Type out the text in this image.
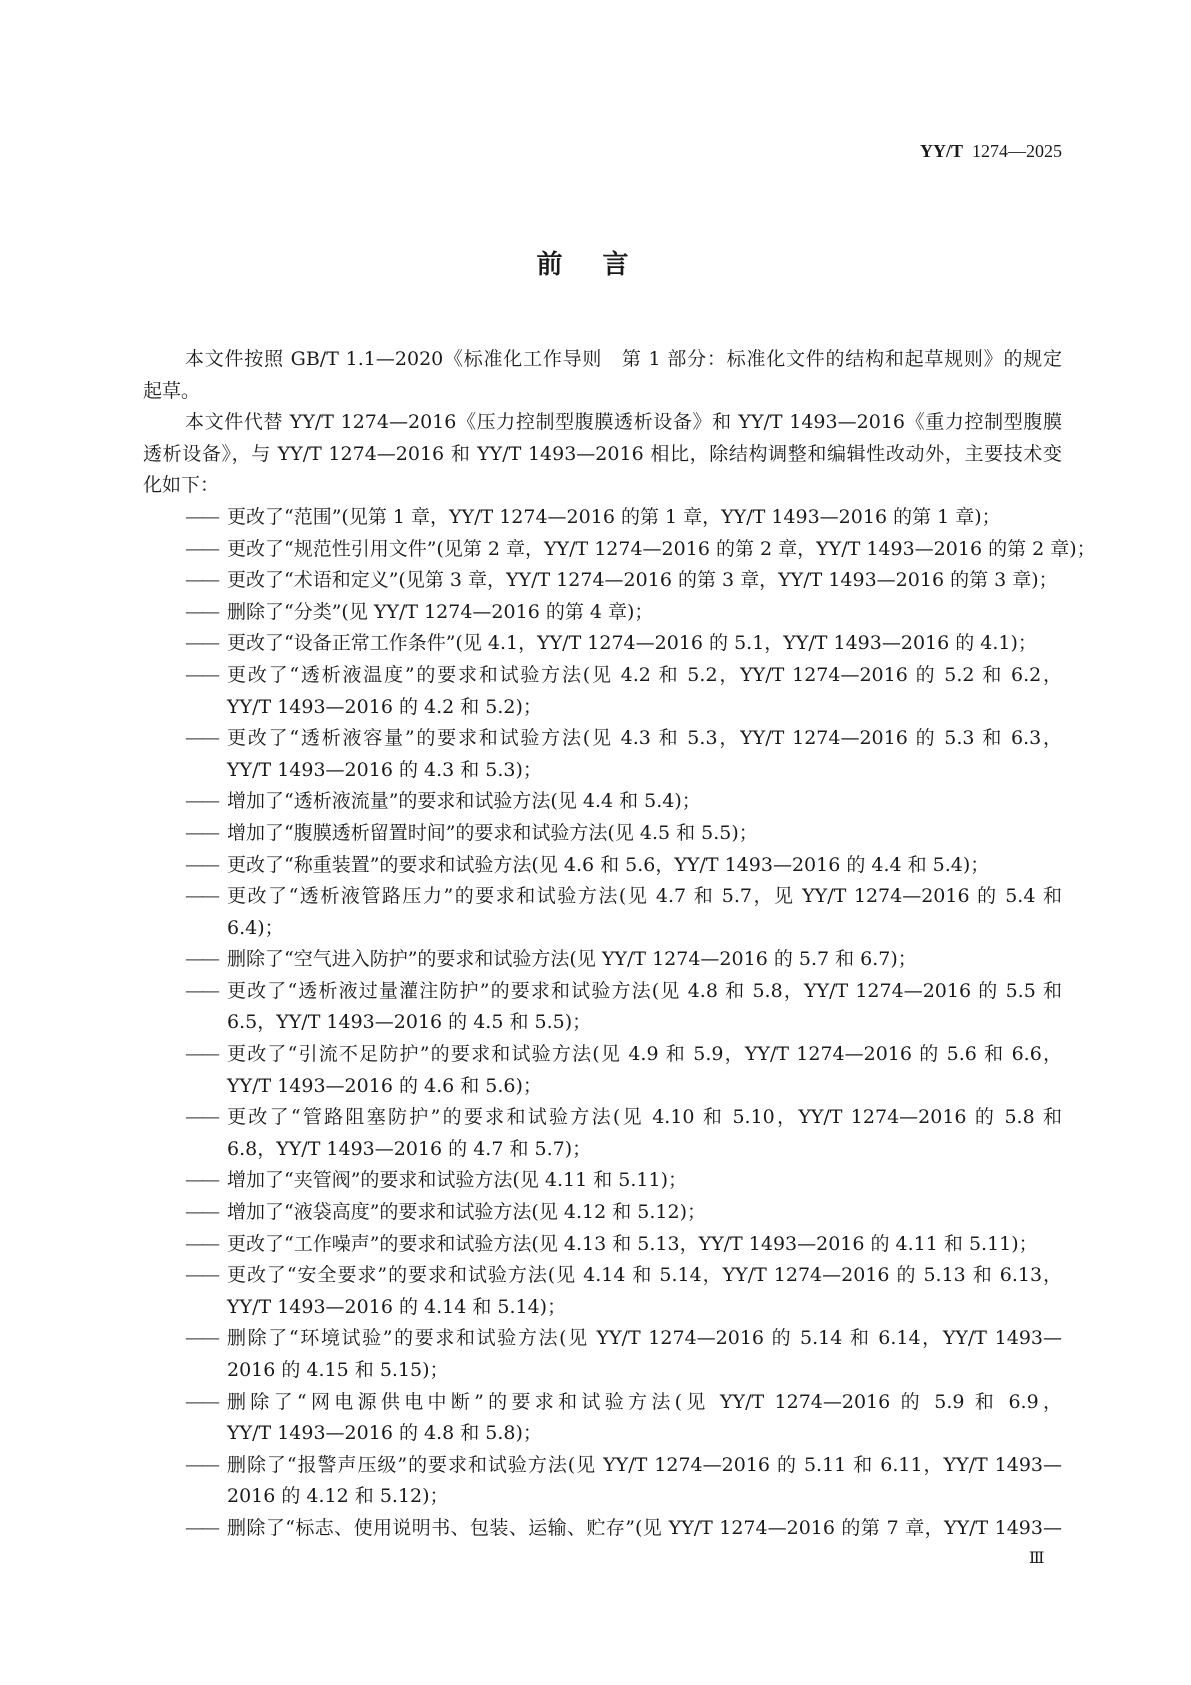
YY/T 1274—2025
前言
本文件按照 GB/T 1.1—2020《标准化工作导则　第 1 部分：标准化文件的结构和起草规则》的规定
起草。
本文件代替 YY/T 1274—2016《压力控制型腹膜透析设备》和 YY/T 1493—2016《重力控制型腹膜
透析设备》，与 YY/T 1274—2016 和 YY/T 1493—2016 相比，除结构调整和编辑性改动外，主要技术变
化如下：
—— 更改了“范围”(见第 1 章，YY/T 1274—2016 的第 1 章，YY/T 1493—2016 的第 1 章)；
—— 更改了“规范性引用文件”(见第 2 章，YY/T 1274—2016 的第 2 章，YY/T 1493—2016 的第 2 章)；
—— 更改了“术语和定义”(见第 3 章，YY/T 1274—2016 的第 3 章，YY/T 1493—2016 的第 3 章)；
—— 删除了“分类”(见 YY/T 1274—2016 的第 4 章)；
—— 更改了“设备正常工作条件”(见 4.1，YY/T 1274—2016 的 5.1，YY/T 1493—2016 的 4.1)；
—— 更改了“透析液温度”的要求和试验方法(见 4.2 和 5.2，YY/T 1274—2016 的 5.2 和 6.2，
YY/T 1493—2016 的 4.2 和 5.2)；
—— 更改了“透析液容量”的要求和试验方法(见 4.3 和 5.3，YY/T 1274—2016 的 5.3 和 6.3，
YY/T 1493—2016 的 4.3 和 5.3)；
—— 增加了“透析液流量”的要求和试验方法(见 4.4 和 5.4)；
—— 增加了“腹膜透析留置时间”的要求和试验方法(见 4.5 和 5.5)；
—— 更改了“称重装置”的要求和试验方法(见 4.6 和 5.6，YY/T 1493—2016 的 4.4 和 5.4)；
—— 更改了“透析液管路压力”的要求和试验方法(见 4.7 和 5.7，见 YY/T 1274—2016 的 5.4 和
6.4)；
—— 删除了“空气进入防护”的要求和试验方法(见 YY/T 1274—2016 的 5.7 和 6.7)；
—— 更改了“透析液过量灌注防护”的要求和试验方法(见 4.8 和 5.8，YY/T 1274—2016 的 5.5 和
6.5，YY/T 1493—2016 的 4.5 和 5.5)；
—— 更改了“引流不足防护”的要求和试验方法(见 4.9 和 5.9，YY/T 1274—2016 的 5.6 和 6.6，
YY/T 1493—2016 的 4.6 和 5.6)；
—— 更改了“管路阻塞防护”的要求和试验方法(见 4.10 和 5.10，YY/T 1274—2016 的 5.8 和
6.8，YY/T 1493—2016 的 4.7 和 5.7)；
—— 增加了“夹管阀”的要求和试验方法(见 4.11 和 5.11)；
—— 增加了“液袋高度”的要求和试验方法(见 4.12 和 5.12)；
—— 更改了“工作噪声”的要求和试验方法(见 4.13 和 5.13，YY/T 1493—2016 的 4.11 和 5.11)；
—— 更改了“安全要求”的要求和试验方法(见 4.14 和 5.14，YY/T 1274—2016 的 5.13 和 6.13，
YY/T 1493—2016 的 4.14 和 5.14)；
—— 删除了“环境试验”的要求和试验方法(见 YY/T 1274—2016 的 5.14 和 6.14，YY/T 1493—
2016 的 4.15 和 5.15)；
—— 删除了“网电源供电中断”的要求和试验方法(见 YY/T 1274—2016 的 5.9 和 6.9，
YY/T 1493—2016 的 4.8 和 5.8)；
—— 删除了“报警声压级”的要求和试验方法(见 YY/T 1274—2016 的 5.11 和 6.11，YY/T 1493—
2016 的 4.12 和 5.12)；
—— 删除了“标志、使用说明书、包装、运输、贮存”(见 YY/T 1274—2016 的第 7 章，YY/T 1493—
Ⅲ
